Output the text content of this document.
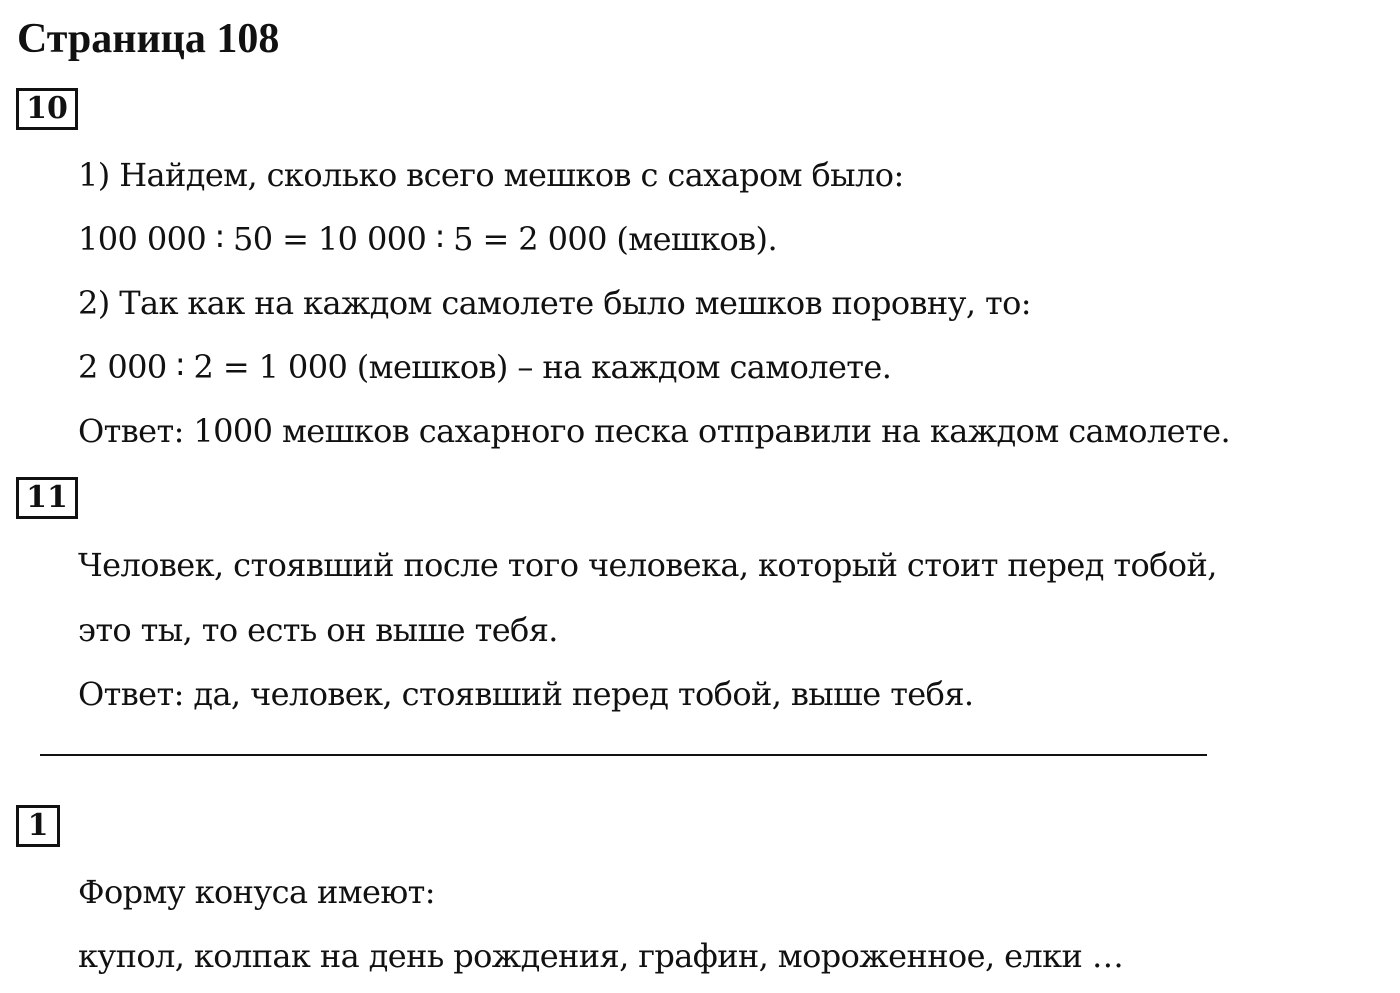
Страница 108
10
1) Найдем, сколько всего мешков с сахаром было:
100 000 ∶ 50 = 10 000 ∶ 5 = 2 000 (мешков).
2) Так как на каждом самолете было мешков поровну, то:
2 000 ∶ 2 = 1 000 (мешков) – на каждом самолете.
Ответ: 1000 мешков сахарного песка отправили на каждом самолете.
11
Человек, стоявший после того человека, который стоит перед тобой,
это ты, то есть он выше тебя.
Ответ: да, человек, стоявший перед тобой, выше тебя.
1
Форму конуса имеют:
купол, колпак на день рождения, графин, мороженное, елки …
